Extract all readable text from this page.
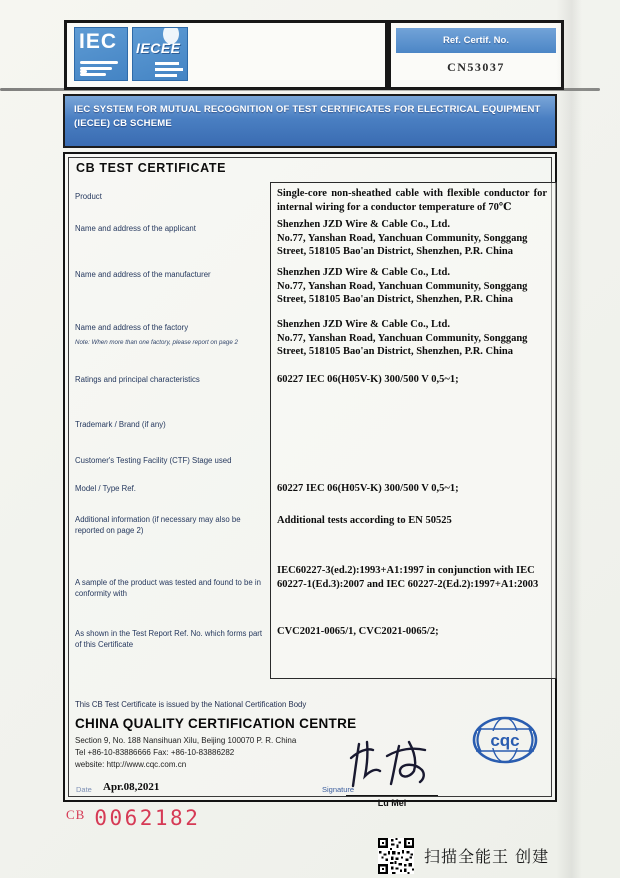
IEC IECEE	Ref. Certif. No.
CN53037
IEC SYSTEM FOR MUTUAL RECOGNITION OF TEST CERTIFICATES FOR ELECTRICAL EQUIPMENT (IECEE) CB SCHEME
CB TEST CERTIFICATE
Product
Name and address of the applicant
Name and address of the manufacturer
Name and address of the factory
Note: When more than one factory, please report on page 2
Ratings and principal characteristics
Trademark / Brand (if any)
Customer's Testing Facility (CTF) Stage used
Model / Type Ref.
Additional information (if necessary may also be reported on page 2)
A sample of the product was tested and found to be in conformity with
As shown in the Test Report Ref. No. which forms part of this Certificate
Single-core non-sheathed cable with flexible conductor for internal wiring for a conductor temperature of 70℃
Shenzhen JZD Wire & Cable Co., Ltd.
No.77, Yanshan Road, Yanchuan Community, Songgang Street, 518105 Bao'an District, Shenzhen, P.R. China
Shenzhen JZD Wire & Cable Co., Ltd.
No.77, Yanshan Road, Yanchuan Community, Songgang Street, 518105 Bao'an District, Shenzhen, P.R. China
Shenzhen JZD Wire & Cable Co., Ltd.
No.77, Yanshan Road, Yanchuan Community, Songgang Street, 518105 Bao'an District, Shenzhen, P.R. China
60227 IEC 06(H05V-K) 300/500 V 0,5~1;
60227 IEC 06(H05V-K) 300/500 V 0,5~1;
Additional tests according to EN 50525
IEC60227-3(ed.2):1993+A1:1997 in conjunction with IEC 60227-1(Ed.3):2007 and IEC 60227-2(Ed.2):1997+A1:2003
CVC2021-0065/1, CVC2021-0065/2;
This CB Test Certificate is issued by the National Certification Body
CHINA QUALITY CERTIFICATION CENTRE
Section 9, No. 188 Nansihuan Xilu, Beijing 100070 P. R. China
Tel +86-10-83886666 Fax: +86-10-83886282
website: http://www.cqc.com.cn
cqc
Date Apr.08,2021	Signature
Lu Mei
$^{CB}$ 0062182
扫描全能王 创建
